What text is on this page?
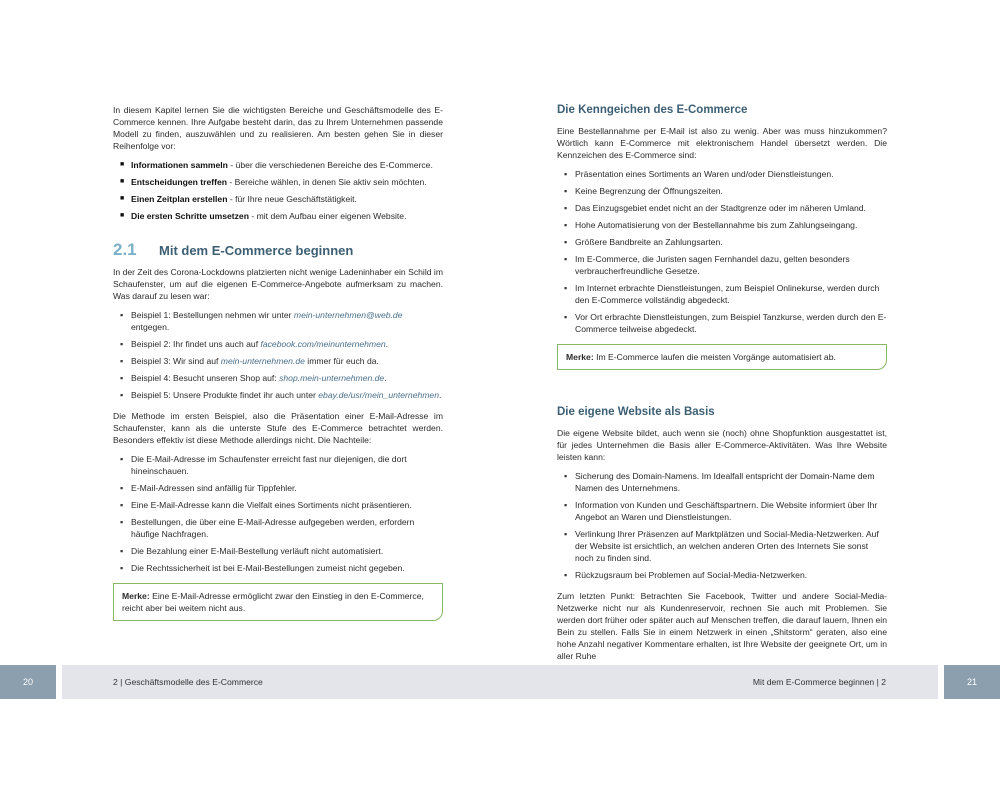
In diesem Kapitel lernen Sie die wichtigsten Bereiche und Geschäftsmodelle des E-Commerce kennen. Ihre Aufgabe besteht darin, das zu Ihrem Unternehmen passende Modell zu finden, auszuwählen und zu realisieren. Am besten gehen Sie in dieser Reihenfolge vor:

■ Informationen sammeln - über die verschiedenen Bereiche des E-Commerce.
■ Entscheidungen treffen - Bereiche wählen, in denen Sie aktiv sein möchten.
■ Einen Zeitplan erstellen - für Ihre neue Geschäftstätigkeit.
■ Die ersten Schritte umsetzen - mit dem Aufbau einer eigenen Website.
2.1	Mit dem E-Commerce beginnen

In der Zeit des Corona-Lockdowns platzierten nicht wenige Ladeninhaber ein Schild im Schaufenster, um auf die eigenen E-Commerce-Angebote aufmerksam zu machen. Was darauf zu lesen war:

▪ Beispiel 1: Bestellungen nehmen wir unter mein-unternehmen@web.de entgegen.
▪ Beispiel 2: Ihr findet uns auch auf facebook.com/meinunternehmen.
▪ Beispiel 3: Wir sind auf mein-unternehmen.de immer für euch da.
▪ Beispiel 4: Besucht unseren Shop auf: shop.mein-unternehmen.de.
▪ Beispiel 5: Unsere Produkte findet ihr auch unter ebay.de/usr/mein_unternehmen.

Die Methode im ersten Beispiel, also die Präsentation einer E-Mail-Adresse im Schaufenster, kann als die unterste Stufe des E-Commerce betrachtet werden. Besonders effektiv ist diese Methode allerdings nicht. Die Nachteile:

▪ Die E-Mail-Adresse im Schaufenster erreicht fast nur diejenigen, die dort hineinschauen.
▪ E-Mail-Adressen sind anfällig für Tippfehler.
▪ Eine E-Mail-Adresse kann die Vielfalt eines Sortiments nicht präsentieren.
▪ Bestellungen, die über eine E-Mail-Adresse aufgegeben werden, erfordern häufige Nachfragen.
▪ Die Bezahlung einer E-Mail-Bestellung verläuft nicht automatisiert.
▪ Die Rechtssicherheit ist bei E-Mail-Bestellungen zumeist nicht gegeben.
Merke: Eine E-Mail-Adresse ermöglicht zwar den Einstieg in den E-Commerce, reicht aber bei weitem nicht aus.
Die Kenngeichen des E-Commerce

Eine Bestellannahme per E-Mail ist also zu wenig. Aber was muss hinzukommen? Wörtlich kann E-Commerce mit elektronischem Handel übersetzt werden. Die Kennzeichen des E-Commerce sind:

▪ Präsentation eines Sortiments an Waren und/oder Dienstleistungen.
▪ Keine Begrenzung der Öffnungszeiten.
▪ Das Einzugsgebiet endet nicht an der Stadtgrenze oder im näheren Umland.
▪ Hohe Automatisierung von der Bestellannahme bis zum Zahlungseingang.
▪ Größere Bandbreite an Zahlungsarten.
▪ Im E-Commerce, die Juristen sagen Fernhandel dazu, gelten besonders verbraucherfreundliche Gesetze.
▪ Im Internet erbrachte Dienstleistungen, zum Beispiel Onlinekurse, werden durch den E-Commerce vollständig abgedeckt.
▪ Vor Ort erbrachte Dienstleistungen, zum Beispiel Tanzkurse, werden durch den E-Commerce teilweise abgedeckt.
Merke: Im E-Commerce laufen die meisten Vorgänge automatisiert ab.
Die eigene Website als Basis

Die eigene Website bildet, auch wenn sie (noch) ohne Shopfunktion ausgestattet ist, für jedes Unternehmen die Basis aller E-Commerce-Aktivitäten. Was Ihre Website leisten kann:

▪ Sicherung des Domain-Namens. Im Idealfall entspricht der Domain-Name dem Namen des Unternehmens.
▪ Information von Kunden und Geschäftspartnern. Die Website informiert über Ihr Angebot an Waren und Dienstleistungen.
▪ Verlinkung Ihrer Präsenzen auf Marktplätzen und Social-Media-Netzwerken. Auf der Website ist ersichtlich, an welchen anderen Orten des Internets Sie sonst noch zu finden sind.
▪ Rückzugsraum bei Problemen auf Social-Media-Netzwerken.

Zum letzten Punkt: Betrachten Sie Facebook, Twitter und andere Social-Media-Netzwerke nicht nur als Kundenreservoir, rechnen Sie auch mit Problemen. Sie werden dort früher oder später auch auf Menschen treffen, die darauf lauern, Ihnen ein Bein zu stellen. Falls Sie in einem Netzwerk in einen „Shitstorm“ geraten, also eine hohe Anzahl negativer Kommentare erhalten, ist Ihre Website der geeignete Ort, um in aller Ruhe

20	21
2 | Geschäftsmodelle des E-Commerce	Mit dem E-Commerce beginnen | 2
